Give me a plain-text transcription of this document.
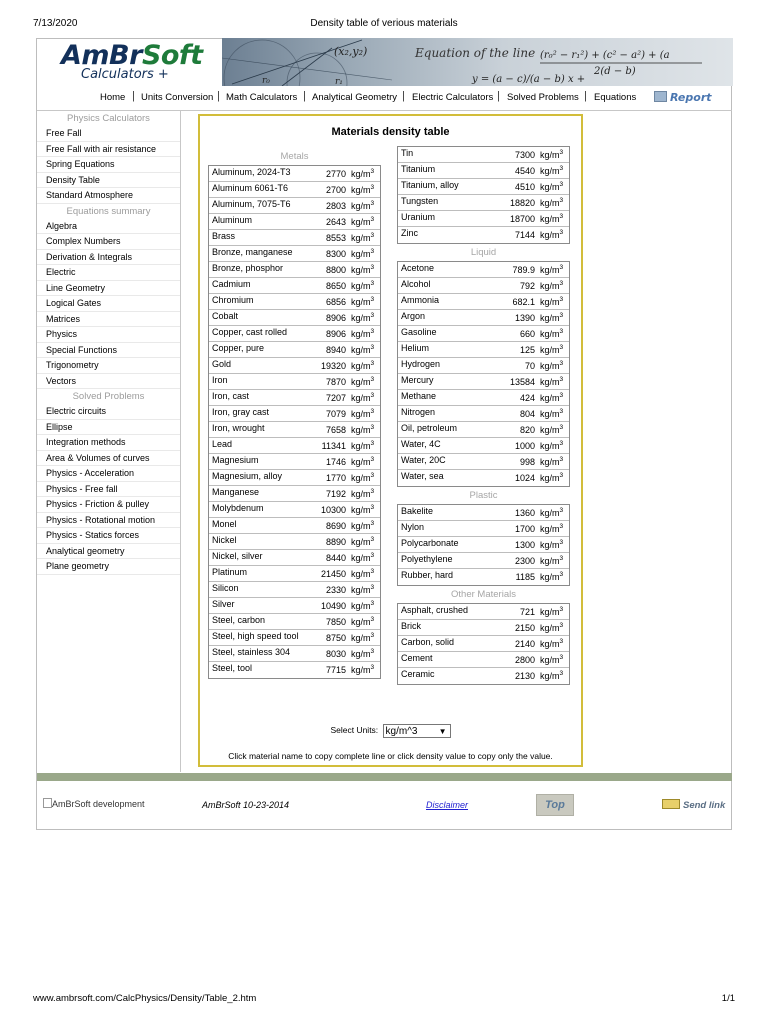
7/13/2020	Density table of verious materials
AmBrSoft
Calculators +
(x₂,y₂)
r₀	r₁
Equation of the line
y = (a − c)/(a − b) x +
(r₀² − r₁²) + (c² − a²) + (a
2(d − b)
Home | Units Conversion | Math Calculators | Analytical Geometry | Electric Calculators | Solved Problems | Equations	Report
Physics Calculators
Free Fall
Free Fall with air resistance
Spring Equations
Density Table
Standard Atmosphere
Equations summary
Algebra
Complex Numbers
Derivation & Integrals
Electric
Line Geometry
Logical Gates
Matrices
Physics
Special Functions
Trigonometry
Vectors
Solved Problems
Electric circuits
Ellipse
Integration methods
Area & Volumes of curves
Physics - Acceleration
Physics - Free fall
Physics - Friction & pulley
Physics - Rotational motion
Physics - Statics forces
Analytical geometry
Plane geometry
Materials density table
Metals
Aluminum, 2024-T3	2770 $kg/m^3$
Aluminum 6061-T6	2700 $kg/m^3$
Aluminum, 7075-T6	2803 $kg/m^3$
Aluminum	2643 $kg/m^3$
Brass	8553 $kg/m^3$
Bronze, manganese	8300 $kg/m^3$
Bronze, phosphor	8800 $kg/m^3$
Cadmium	8650 $kg/m^3$
Chromium	6856 $kg/m^3$
Cobalt	8906 $kg/m^3$
Copper, cast rolled	8906 $kg/m^3$
Copper, pure	8940 $kg/m^3$
Gold	19320 $kg/m^3$
Iron	7870 $kg/m^3$
Iron, cast	7207 $kg/m^3$
Iron, gray cast	7079 $kg/m^3$
Iron, wrought	7658 $kg/m^3$
Lead	11341 $kg/m^3$
Magnesium	1746 $kg/m^3$
Magnesium, alloy	1770 $kg/m^3$
Manganese	7192 $kg/m^3$
Molybdenum	10300 $kg/m^3$
Monel	8690 $kg/m^3$
Nickel	8890 $kg/m^3$
Nickel, silver	8440 $kg/m^3$
Platinum	21450 $kg/m^3$
Silicon	2330 $kg/m^3$
Silver	10490 $kg/m^3$
Steel, carbon	7850 $kg/m^3$
Steel, high speed tool	8750 $kg/m^3$
Steel, stainless 304	8030 $kg/m^3$
Steel, tool	7715 $kg/m^3$
Tin	7300 $kg/m^3$
Titanium	4540 $kg/m^3$
Titanium, alloy	4510 $kg/m^3$
Tungsten	18820 $kg/m^3$
Uranium	18700 $kg/m^3$
Zinc	7144 $kg/m^3$
Liquid
Acetone	789.9 $kg/m^3$
Alcohol	792 $kg/m^3$
Ammonia	682.1 $kg/m^3$
Argon	1390 $kg/m^3$
Gasoline	660 $kg/m^3$
Helium	125 $kg/m^3$
Hydrogen	70 $kg/m^3$
Mercury	13584 $kg/m^3$
Methane	424 $kg/m^3$
Nitrogen	804 $kg/m^3$
Oil, petroleum	820 $kg/m^3$
Water, 4C	1000 $kg/m^3$
Water, 20C	998 $kg/m^3$
Water, sea	1024 $kg/m^3$
Plastic
Bakelite	1360 $kg/m^3$
Nylon	1700 $kg/m^3$
Polycarbonate	1300 $kg/m^3$
Polyethylene	2300 $kg/m^3$
Rubber, hard	1185 $kg/m^3$
Other Materials
Asphalt, crushed	721 $kg/m^3$
Brick	2150 $kg/m^3$
Carbon, solid	2140 $kg/m^3$
Cement	2800 $kg/m^3$
Ceramic	2130 $kg/m^3$
Select Units: kg/m^3	▼
Click material name to copy complete line or click density value to copy only the value.
AmBrSoft development	AmBrSoft 10-23-2014	Disclaimer	Top	Send link
www.ambrsoft.com/CalcPhysics/Density/Table_2.htm	1/1
